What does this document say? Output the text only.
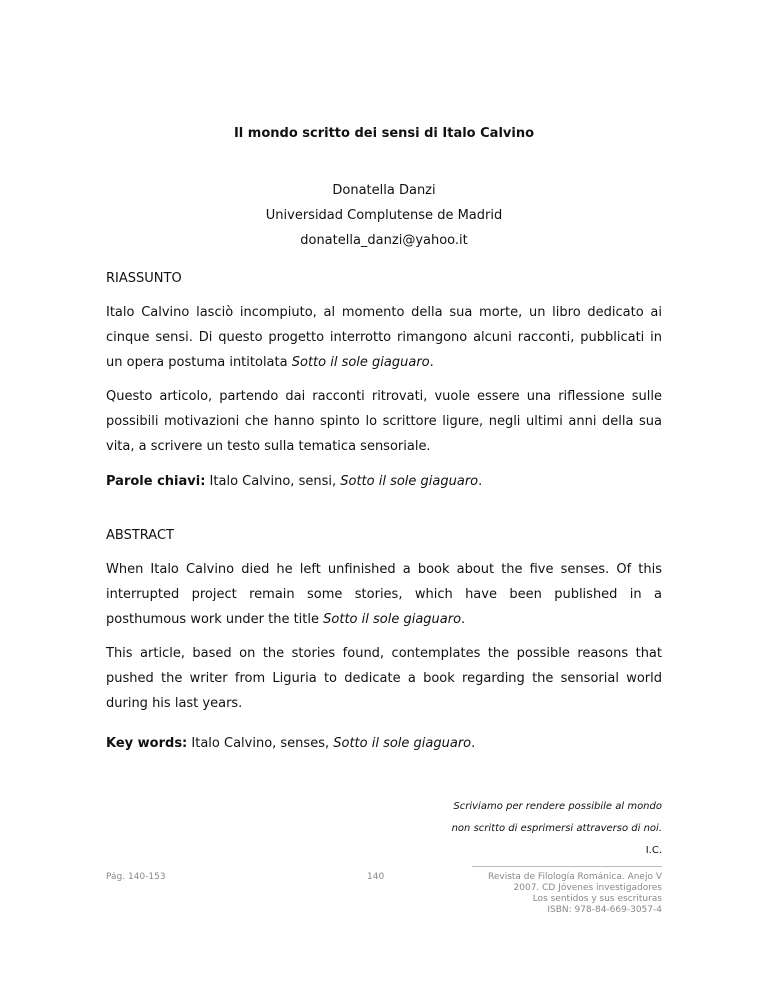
Il mondo scritto dei sensi di Italo Calvino
Donatella Danzi
Universidad Complutense de Madrid
donatella_danzi@yahoo.it
RIASSUNTO

Italo Calvino lasciò incompiuto, al momento della sua morte, un libro dedicato ai cinque sensi. Di questo progetto interrotto rimangono alcuni racconti, pubblicati in un opera postuma intitolata Sotto il sole giaguaro.

Questo articolo, partendo dai racconti ritrovati, vuole essere una riflessione sulle possibili motivazioni che hanno spinto lo scrittore ligure, negli ultimi anni della sua vita, a scrivere un testo sulla tematica sensoriale.

Parole chiavi: Italo Calvino, sensi, Sotto il sole giaguaro.
ABSTRACT

When Italo Calvino died he left unfinished a book about the five senses. Of this interrupted project remain some stories, which have been published in a posthumous work under the title Sotto il sole giaguaro.

This article, based on the stories found, contemplates the possible reasons that pushed the writer from Liguria to dedicate a book regarding the sensorial world during his last years.

Key words: Italo Calvino, senses, Sotto il sole giaguaro.
Scriviamo per rendere possibile al mondo
non scritto di esprimersi attraverso di noi.
I.C.
Pág. 140-153	140	Revista de Filología Románica. Anejo V
2007. CD Jóvenes investigadores
Los sentidos y sus escrituras
ISBN: 978-84-669-3057-4
